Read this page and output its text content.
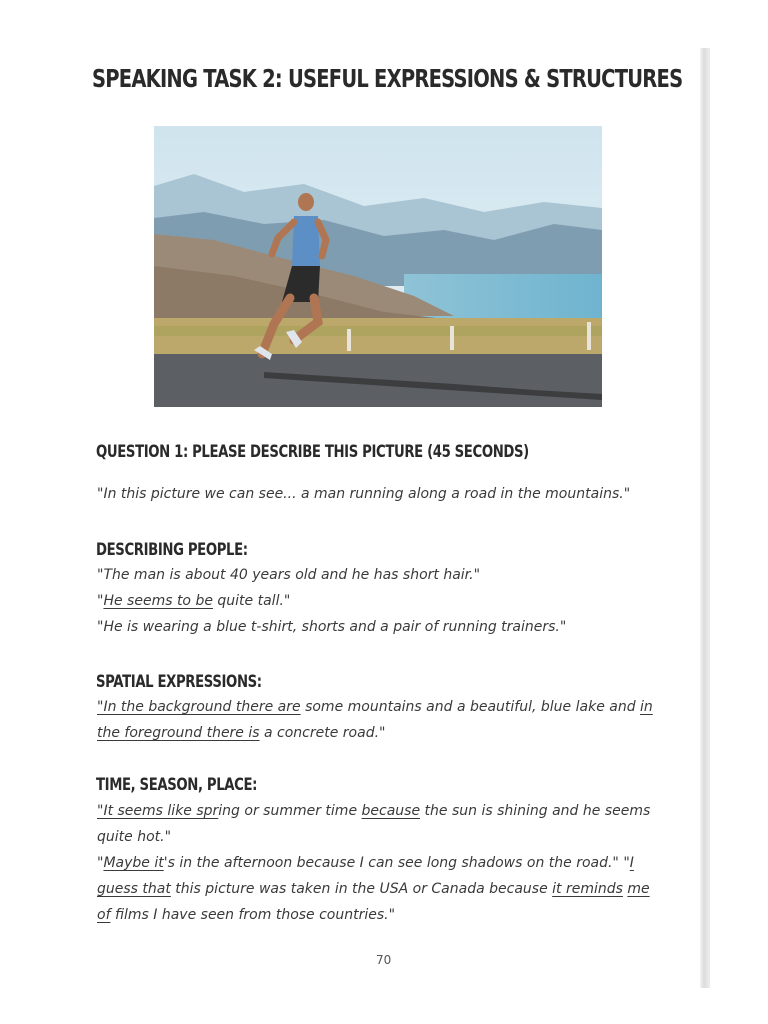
SPEAKING TASK 2: USEFUL EXPRESSIONS & STRUCTURES
QUESTION 1: PLEASE DESCRIBE THIS PICTURE (45 SECONDS)
"In this picture we can see... a man running along a road in the mountains."
DESCRIBING PEOPLE:
"The man is about 40 years old and he has short hair."
"He seems to be quite tall."
"He is wearing a blue t-shirt, shorts and a pair of running trainers."
SPATIAL EXPRESSIONS:
"In the background there are some mountains and a beautiful, blue lake and in
the foreground there is a concrete road."
TIME, SEASON, PLACE:
"It seems like spring or summer time because the sun is shining and he seems
quite hot."
"Maybe it's in the afternoon because I can see long shadows on the road." "I
guess that this picture was taken in the USA or Canada because it reminds me
of films I have seen from those countries."
70
